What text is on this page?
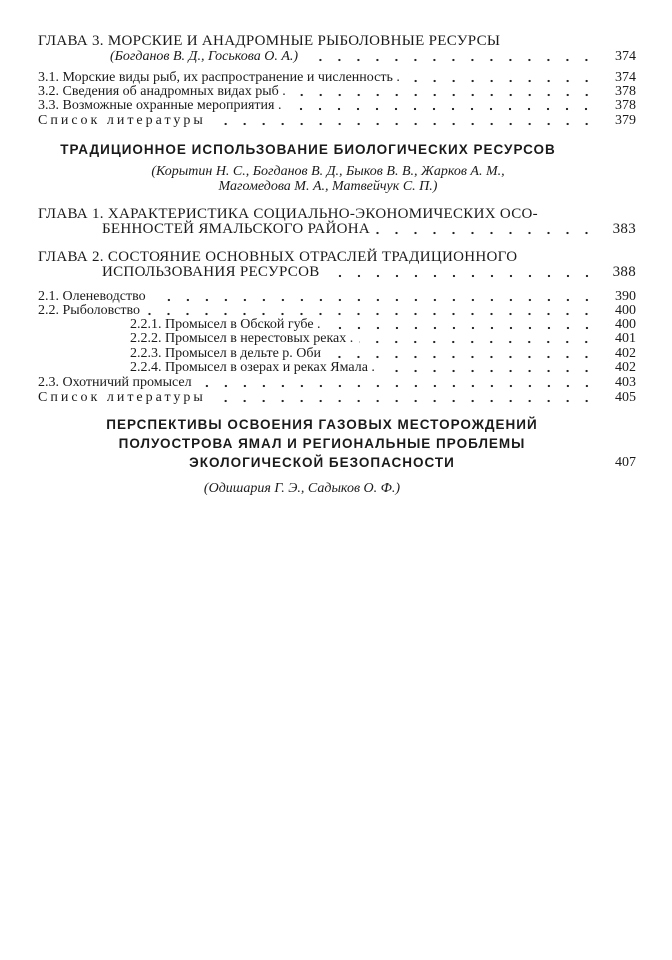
ГЛАВА 3. МОРСКИЕ И АНАДРОМНЫЕ РЫБОЛОВНЫЕ РЕСУРСЫ
(Богданов В. Д., Госькова О. А.)	374
3.1. Морские виды рыб, их распространение и численность .	374
3.2. Сведения об анадромных видах рыб .	378
3.3. Возможные охранные мероприятия .	378
Список литературы	379
ТРАДИЦИОННОЕ ИСПОЛЬЗОВАНИЕ БИОЛОГИЧЕСКИХ РЕСУРСОВ
(Корытин Н. С., Богданов В. Д., Быков В. В., Жарков А. М.,
Магомедова М. А., Матвейчук С. П.)
ГЛАВА 1. ХАРАКТЕРИСТИКА СОЦИАЛЬНО-ЭКОНОМИЧЕСКИХ ОСО-
БЕННОСТЕЙ ЯМАЛЬСКОГО РАЙОНА	383
ГЛАВА 2. СОСТОЯНИЕ ОСНОВНЫХ ОТРАСЛЕЙ ТРАДИЦИОННОГО
ИСПОЛЬЗОВАНИЯ РЕСУРСОВ	388
2.1. Оленеводство	390
2.2. Рыболовство	400
2.2.1. Промысел в Обской губе .	400
2.2.2. Промысел в нерестовых реках .	401
2.2.3. Промысел в дельте р. Оби	402
2.2.4. Промысел в озерах и реках Ямала .	402
2.3. Охотничий промысел	403
Список литературы	405
ПЕРСПЕКТИВЫ ОСВОЕНИЯ ГАЗОВЫХ МЕСТОРОЖДЕНИЙ
ПОЛУОСТРОВА ЯМАЛ И РЕГИОНАЛЬНЫЕ ПРОБЛЕМЫ
ЭКОЛОГИЧЕСКОЙ БЕЗОПАСНОСТИ	407
(Одишария Г. Э., Садыков О. Ф.)
